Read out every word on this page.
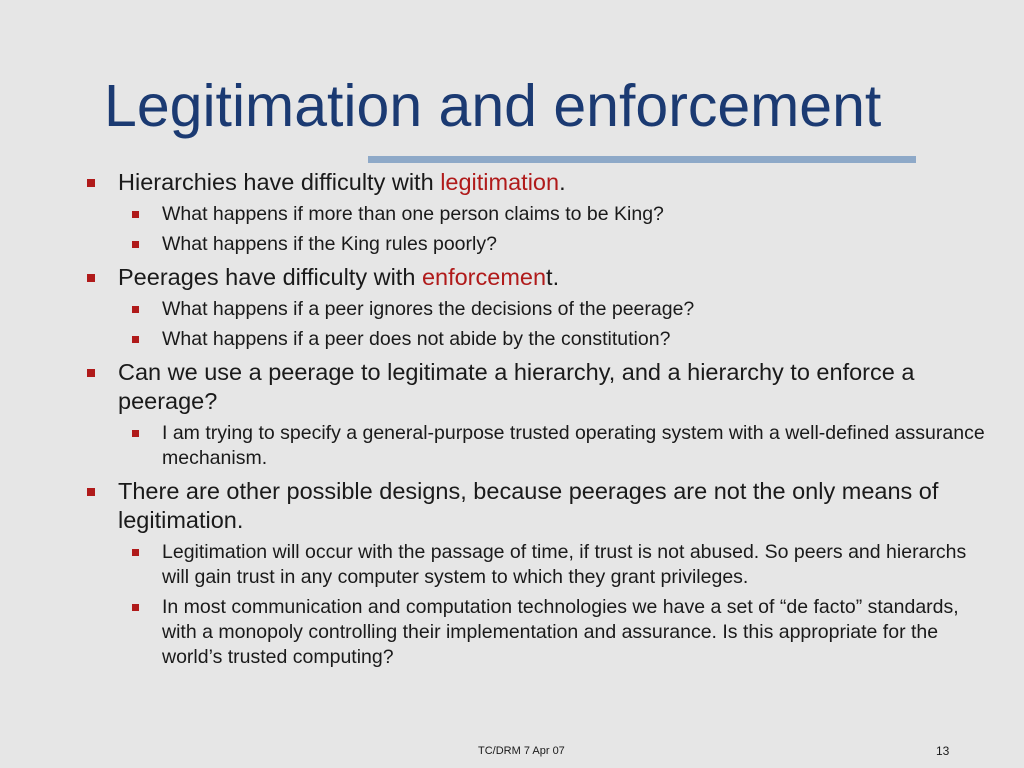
Legitimation and enforcement
Hierarchies have difficulty with legitimation.
What happens if more than one person claims to be King?
What happens if the King rules poorly?
Peerages have difficulty with enforcement.
What happens if a peer ignores the decisions of the peerage?
What happens if a peer does not abide by the constitution?
Can we use a peerage to legitimate a hierarchy, and a hierarchy to enforce a peerage?
I am trying to specify a general-purpose trusted operating system with a well-defined assurance mechanism.
There are other possible designs, because peerages are not the only means of legitimation.
Legitimation will occur with the passage of time, if trust is not abused. So peers and hierarchs will gain trust in any computer system to which they grant privileges.
In most communication and computation technologies we have a set of “de facto” standards, with a monopoly controlling their implementation and assurance. Is this appropriate for the world’s trusted computing?
TC/DRM 7 Apr 07	13
